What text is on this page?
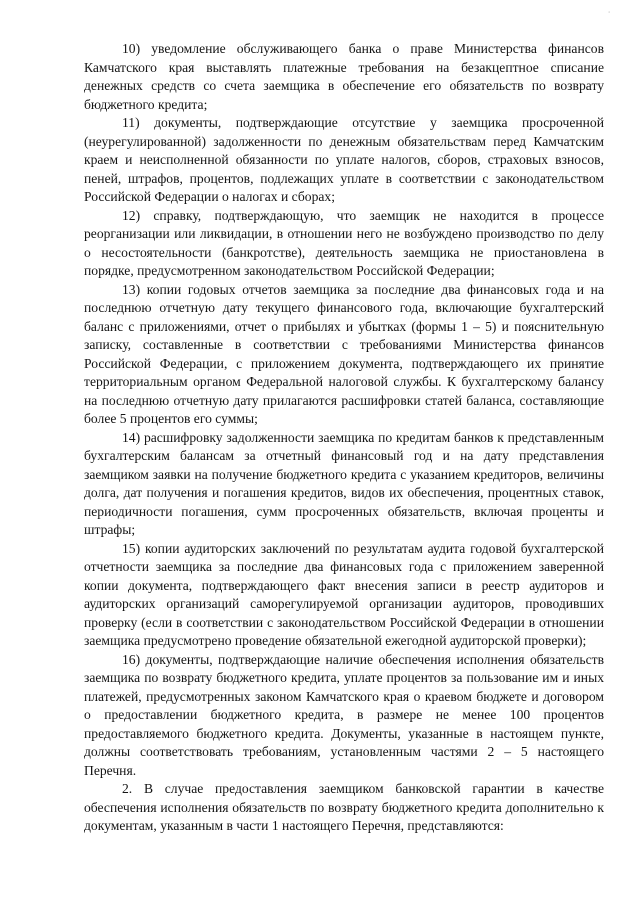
‘

10) уведомление обслуживающего банка о праве Министерства финансов Камчатского края выставлять платежные требования на безакцептное списание денежных средств со счета заемщика в обеспечение его обязательств по возврату бюджетного кредита;

11) документы, подтверждающие отсутствие у заемщика просроченной (неурегулированной) задолженности по денежным обязательствам перед Камчатским краем и неисполненной обязанности по уплате налогов, сборов, страховых взносов, пеней, штрафов, процентов, подлежащих уплате в соответствии с законодательством Российской Федерации о налогах и сборах;

12) справку, подтверждающую, что заемщик не находится в процессе реорганизации или ликвидации, в отношении него не возбуждено производство по делу о несостоятельности (банкротстве), деятельность заемщика не приостановлена в порядке, предусмотренном законодательством Российской Федерации;

13) копии годовых отчетов заемщика за последние два финансовых года и на последнюю отчетную дату текущего финансового года, включающие бухгалтерский баланс с приложениями, отчет о прибылях и убытках (формы 1 – 5) и пояснительную записку, составленные в соответствии с требованиями Министерства финансов Российской Федерации, с приложением документа, подтверждающего их принятие территориальным органом Федеральной налоговой службы. К бухгалтерскому балансу на последнюю отчетную дату прилагаются расшифровки статей баланса, составляющие более 5 процентов его суммы;

14) расшифровку задолженности заемщика по кредитам банков к представленным бухгалтерским балансам за отчетный финансовый год и на дату представления заемщиком заявки на получение бюджетного кредита с указанием кредиторов, величины долга, дат получения и погашения кредитов, видов их обеспечения, процентных ставок, периодичности погашения, сумм просроченных обязательств, включая проценты и штрафы;

15) копии аудиторских заключений по результатам аудита годовой бухгалтерской отчетности заемщика за последние два финансовых года с приложением заверенной копии документа, подтверждающего факт внесения записи в реестр аудиторов и аудиторских организаций саморегулируемой организации аудиторов, проводивших проверку (если в соответствии с законодательством Российской Федерации в отношении заемщика предусмотрено проведение обязательной ежегодной аудиторской проверки);

16) документы, подтверждающие наличие обеспечения исполнения обязательств заемщика по возврату бюджетного кредита, уплате процентов за пользование им и иных платежей, предусмотренных законом Камчатского края о краевом бюджете и договором о предоставлении бюджетного кредита, в размере не менее 100 процентов предоставляемого бюджетного кредита. Документы, указанные в настоящем пункте, должны соответствовать требованиям, установленным частями 2 – 5 настоящего Перечня.

2. В случае предоставления заемщиком банковской гарантии в качестве обеспечения исполнения обязательств по возврату бюджетного кредита дополнительно к документам, указанным в части 1 настоящего Перечня, представляются:
